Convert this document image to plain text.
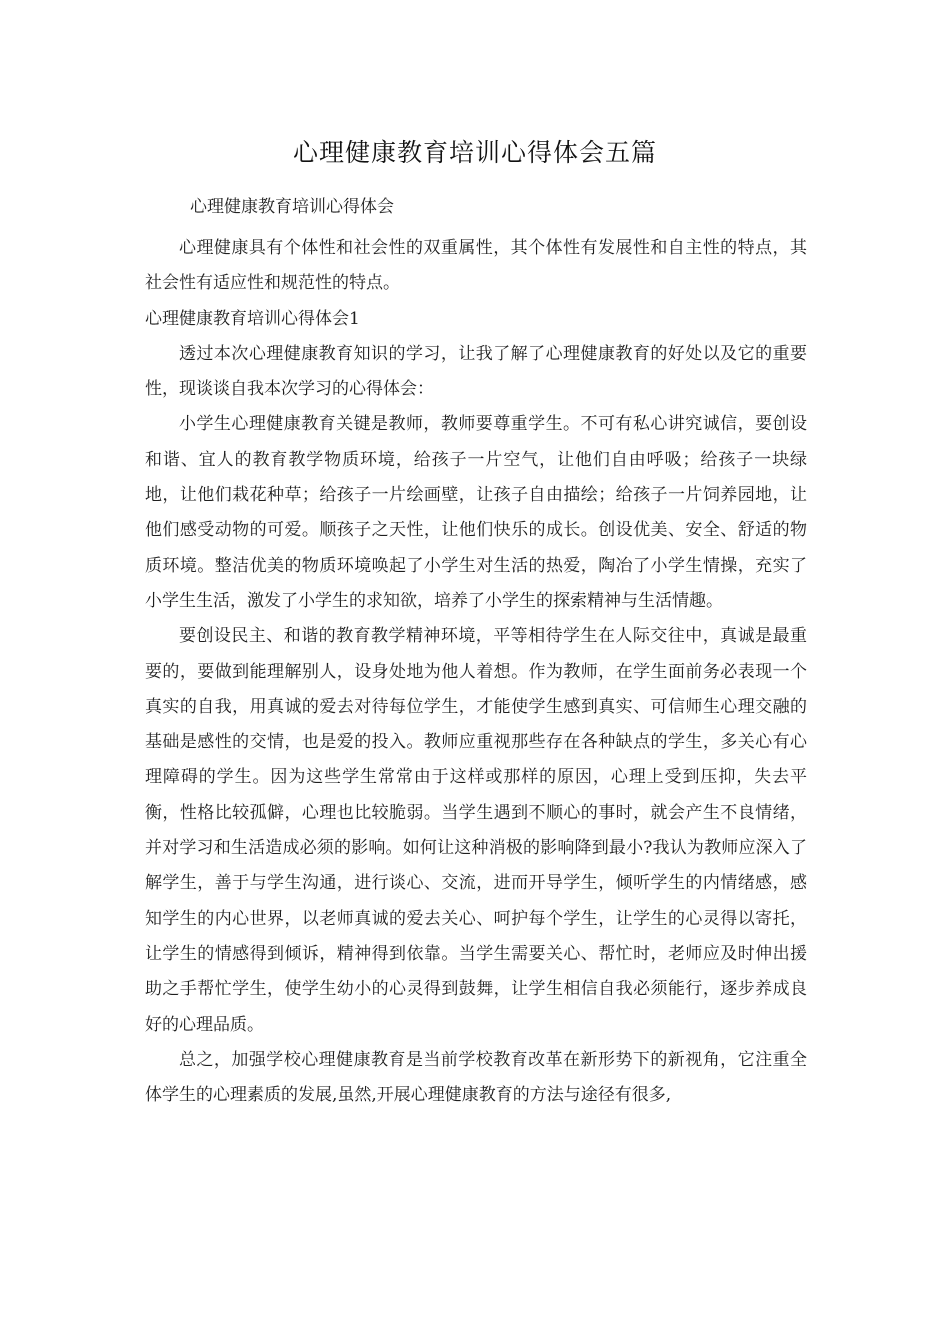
心理健康教育培训心得体会五篇
心理健康教育培训心得体会

心理健康具有个体性和社会性的双重属性，其个体性有发展性和自主性的特点，其社会性有适应性和规范性的特点。

心理健康教育培训心得体会1

透过本次心理健康教育知识的学习，让我了解了心理健康教育的好处以及它的重要性，现谈谈自我本次学习的心得体会：

小学生心理健康教育关键是教师，教师要尊重学生。不可有私心讲究诚信，要创设和谐、宜人的教育教学物质环境，给孩子一片空气，让他们自由呼吸；给孩子一块绿地，让他们栽花种草；给孩子一片绘画壁，让孩子自由描绘；给孩子一片饲养园地，让他们感受动物的可爱。顺孩子之天性，让他们快乐的成长。创设优美、安全、舒适的物质环境。整洁优美的物质环境唤起了小学生对生活的热爱，陶冶了小学生情操，充实了小学生生活，激发了小学生的求知欲，培养了小学生的探索精神与生活情趣。

要创设民主、和谐的教育教学精神环境，平等相待学生在人际交往中，真诚是最重要的，要做到能理解别人，设身处地为他人着想。作为教师，在学生面前务必表现一个真实的自我，用真诚的爱去对待每位学生，才能使学生感到真实、可信师生心理交融的基础是感性的交情，也是爱的投入。教师应重视那些存在各种缺点的学生，多关心有心理障碍的学生。因为这些学生常常由于这样或那样的原因，心理上受到压抑，失去平衡，性格比较孤僻，心理也比较脆弱。当学生遇到不顺心的事时，就会产生不良情绪，并对学习和生活造成必须的影响。如何让这种消极的影响降到最小?我认为教师应深入了解学生，善于与学生沟通，进行谈心、交流，进而开导学生，倾听学生的内情绪感，感知学生的内心世界，以老师真诚的爱去关心、呵护每个学生，让学生的心灵得以寄托，让学生的情感得到倾诉，精神得到依靠。当学生需要关心、帮忙时，老师应及时伸出援助之手帮忙学生，使学生幼小的心灵得到鼓舞，让学生相信自我必须能行，逐步养成良好的心理品质。

总之，加强学校心理健康教育是当前学校教育改革在新形势下的新视角，它注重全体学生的心理素质的发展,虽然,开展心理健康教育的方法与途径有很多,
